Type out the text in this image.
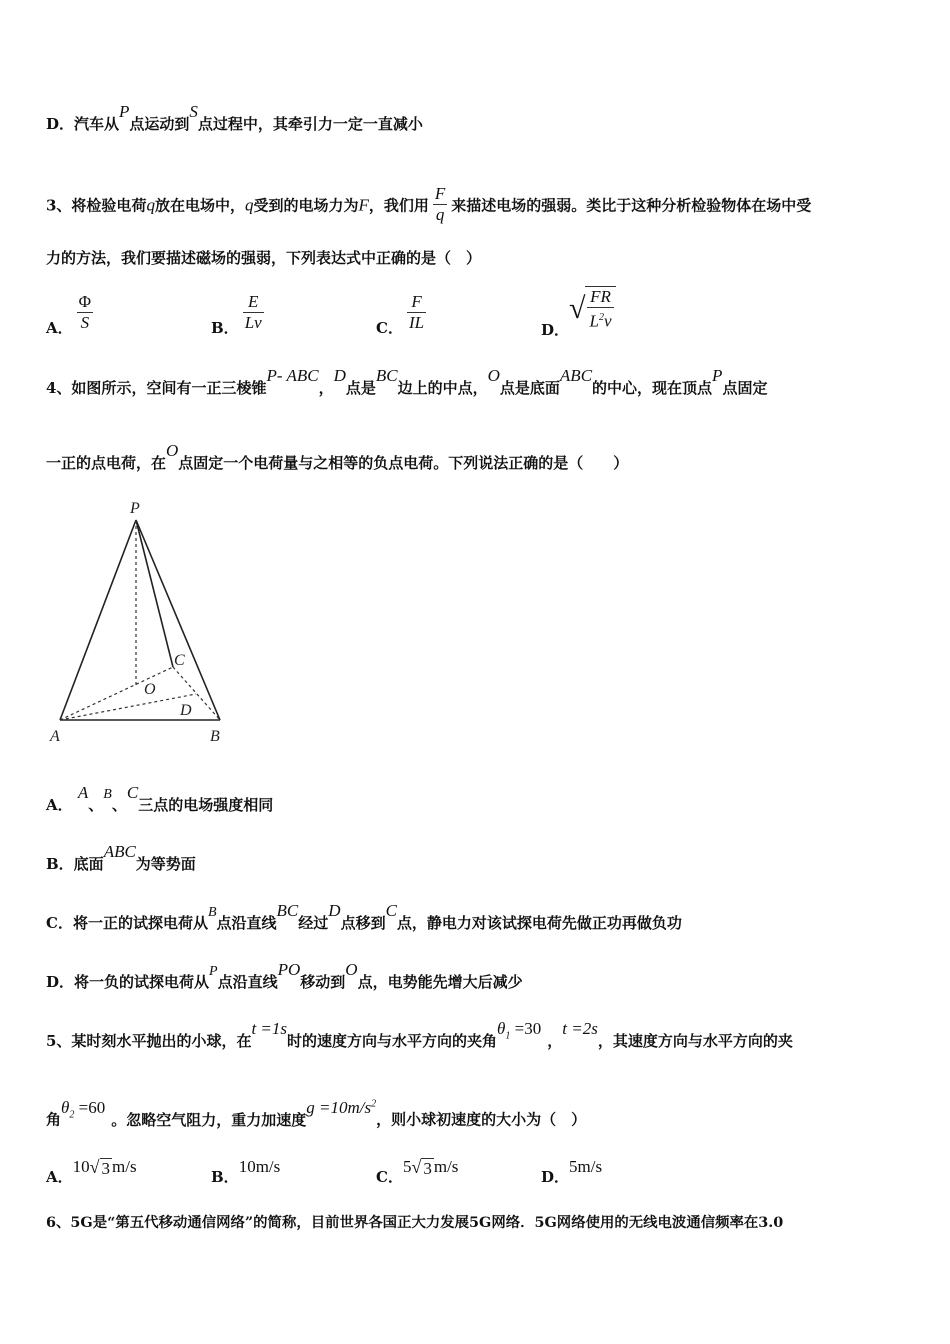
D．汽车从P点运动到S点过程中，其牵引力一定一直减小
3、将检验电荷q放在电场中，q受到的电场力为F，我们用 $\frac{F}{q}$ 来描述电场的强弱。类比于这种分析检验物体在场中受
力的方法，我们要描述磁场的强弱，下列表达式中正确的是（　）
A． $\frac{\Phi}{S}$	B． $\frac{E}{Lv}$	C． $\frac{F}{IL}$	D．√ $\frac{FR}{L^2v}$
4、如图所示，空间有一正三棱锥P- ABC，D点是BC边上的中点，O点是底面ABC的中心，现在顶点P点固定
一正的点电荷，在O点固定一个电荷量与之相等的负点电荷。下列说法正确的是（　　）
P
A	B
C
O
D
A． A、B、C三点的电场强度相同
B．底面ABC为等势面
C．将一正的试探电荷从B点沿直线BC经过D点移到C点，静电力对该试探电荷先做正功再做负功
D．将一负的试探电荷从P点沿直线PO移动到O点，电势能先增大后减少
5、某时刻水平抛出的小球，在t =1s时的速度方向与水平方向的夹角$\theta_1 =30$，t =2s，其速度方向与水平方向的夹
角$\theta_2 =60$。忽略空气阻力，重力加速度$g =10m/s^2$，则小球初速度的大小为（　）
A．10√ 3 m/s
B．10m/s
C．5√ 3 m/s
D．5m/s
6、5G是“第五代移动通信网络”的简称，目前世界各国正大力发展5G网络．5G网络使用的无线电波通信频率在3.0
